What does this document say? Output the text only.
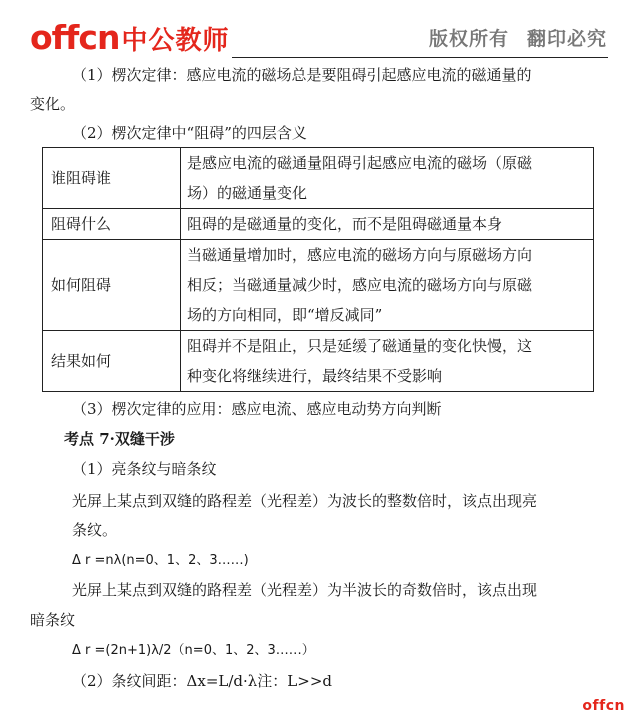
offcn中公教师	版权所有 翻印必究
（1）楞次定律：感应电流的磁场总是要阻碍引起感应电流的磁通量的
变化。
（2）楞次定律中“阻碍”的四层含义
谁阻碍谁	是感应电流的磁通量阻碍引起感应电流的磁场（原磁
场）的磁通量变化

阻碍什么	阻碍的是磁通量的变化，而不是阻碍磁通量本身

如何阻碍	当磁通量增加时，感应电流的磁场方向与原磁场方向
相反；当磁通量减少时，感应电流的磁场方向与原磁
场的方向相同，即“增反减同”

结果如何	阻碍并不是阻止，只是延缓了磁通量的变化快慢，这
种变化将继续进行，最终结果不受影响
（3）楞次定律的应用：感应电流、感应电动势方向判断
考点 7·双缝干涉
（1）亮条纹与暗条纹
光屏上某点到双缝的路程差（光程差）为波长的整数倍时，该点出现亮
条纹。
Δ r =nλ(n=0、1、2、3……)
光屏上某点到双缝的路程差（光程差）为半波长的奇数倍时，该点出现
暗条纹
Δ r =(2n+1)λ/2（n=0、1、2、3……）
（2）条纹间距：Δx=L/d·λ注：L>>d
offcn
